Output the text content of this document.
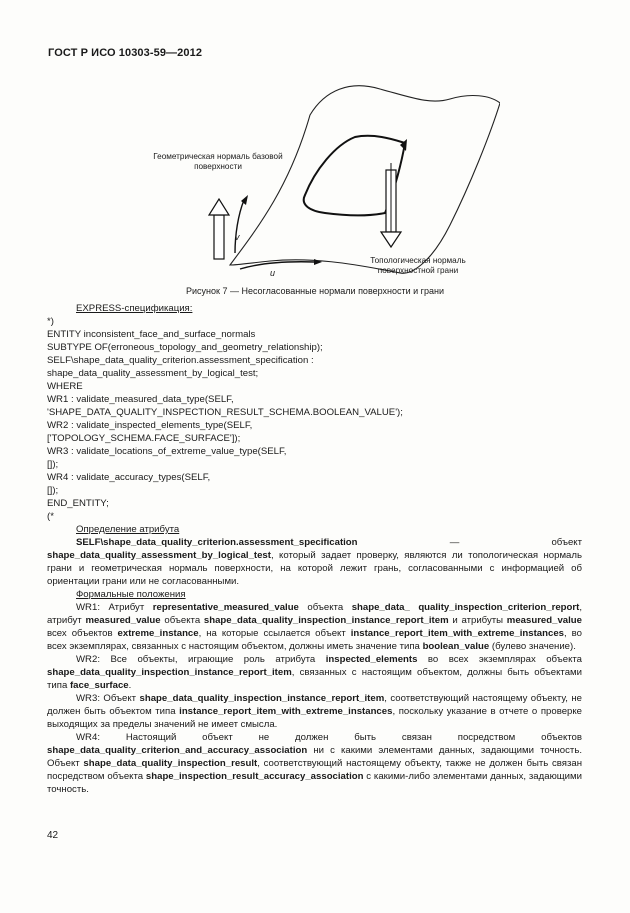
ГОСТ Р ИСО 10303-59—2012
Геометрическая нормаль базовой поверхности
Топологическая нормаль поверхностной грани
u
v
Рисунок 7 — Несогласованные нормали поверхности и грани

EXPRESS-спецификация:

*)

ENTITY inconsistent_face_and_surface_normals

SUBTYPE OF(erroneous_topology_and_geometry_relationship);

SELF\shape_data_quality_criterion.assessment_specification :

shape_data_quality_assessment_by_logical_test;

WHERE

WR1 : validate_measured_data_type(SELF,

'SHAPE_DATA_QUALITY_INSPECTION_RESULT_SCHEMA.BOOLEAN_VALUE');

WR2 : validate_inspected_elements_type(SELF,

['TOPOLOGY_SCHEMA.FACE_SURFACE']);

WR3 : validate_locations_of_extreme_value_type(SELF,

[]);

WR4 : validate_accuracy_types(SELF,

[]);

END_ENTITY;

(*

Определение атрибута

SELF\shape_data_quality_criterion.assessment_specification — объект shape_data_quality_assessment_by_logical_test, который задает проверку, являются ли топологическая нормаль грани и геометрическая нормаль поверхности, на которой лежит грань, согласованными с информацией об ориентации грани или не согласованными.

Формальные положения

WR1: Атрибут representative_measured_value объекта shape_data_ quality_inspection_criterion_report, атрибут measured_value объекта shape_data_quality_inspection_instance_report_item и атрибуты measured_value всех объектов extreme_instance, на которые ссылается объект instance_report_item_with_extreme_instances, во всех экземплярах, связанных с настоящим объектом, должны иметь значение типа boolean_value (булево значение).

WR2: Все объекты, играющие роль атрибута inspected_elements во всех экземплярах объекта shape_data_quality_inspection_instance_report_item, связанных с настоящим объектом, должны быть объектами типа face_surface.

WR3: Объект shape_data_quality_inspection_instance_report_item, соответствующий настоящему объекту, не должен быть объектом типа instance_report_item_with_extreme_instances, поскольку указание в отчете о проверке выходящих за пределы значений не имеет смысла.

WR4: Настоящий объект не должен быть связан посредством объектов shape_data_quality_criterion_and_accuracy_association ни с какими элементами данных, задающими точность. Объект shape_data_quality_inspection_result, соответствующий настоящему объекту, также не должен быть связан посредством объекта shape_inspection_result_accuracy_association с какими-либо элементами данных, задающими точность.

42
